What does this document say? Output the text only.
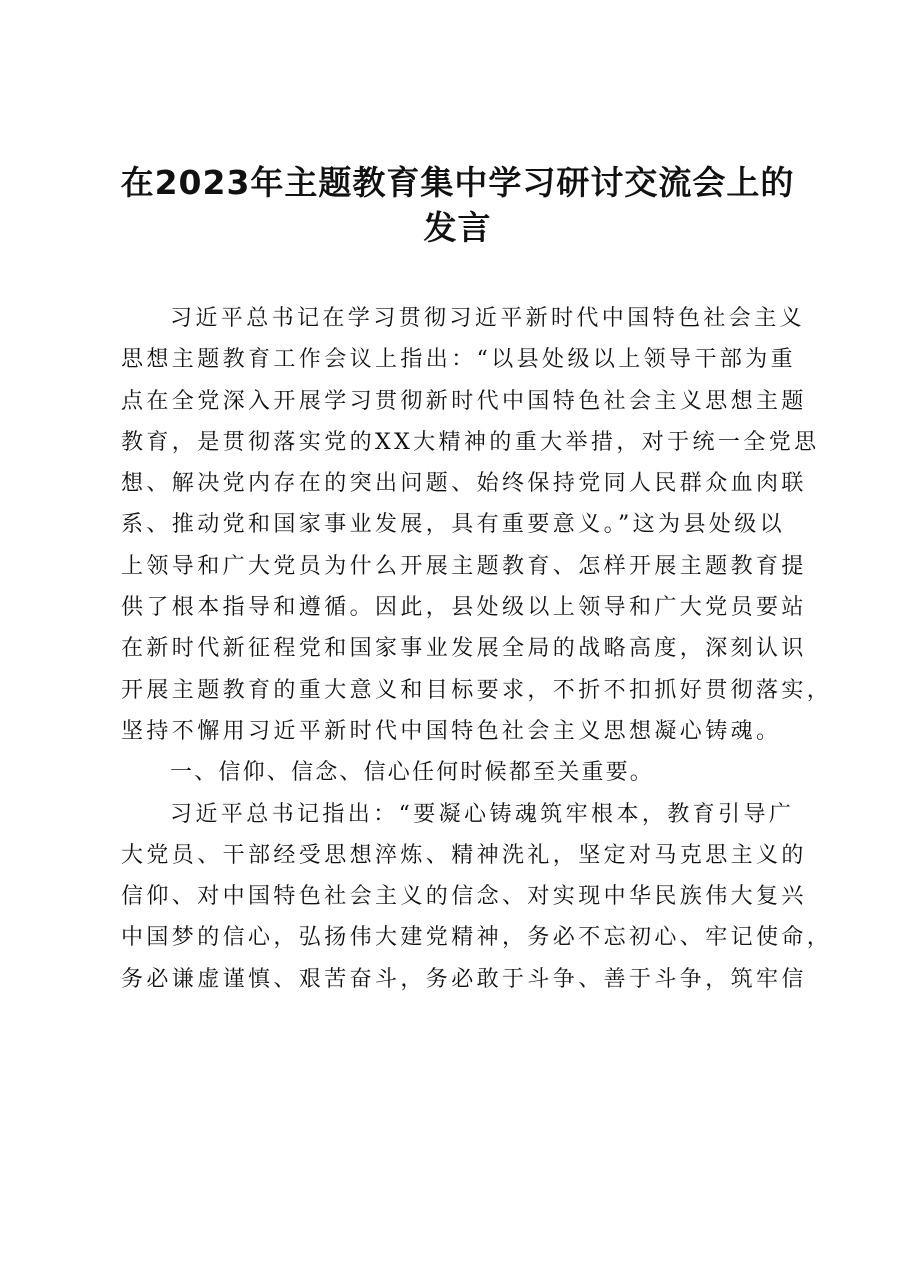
在2023年主题教育集中学习研讨交流会上的
发言
习近平总书记在学习贯彻习近平新时代中国特色社会主义
思想主题教育工作会议上指出：“以县处级以上领导干部为重
点在全党深入开展学习贯彻新时代中国特色社会主义思想主题
教育，是贯彻落实党的XX大精神的重大举措，对于统一全党思
想、解决党内存在的突出问题、始终保持党同人民群众血肉联
系、推动党和国家事业发展，具有重要意义。”这为县处级以
上领导和广大党员为什么开展主题教育、怎样开展主题教育提
供了根本指导和遵循。因此，县处级以上领导和广大党员要站
在新时代新征程党和国家事业发展全局的战略高度，深刻认识
开展主题教育的重大意义和目标要求，不折不扣抓好贯彻落实，
坚持不懈用习近平新时代中国特色社会主义思想凝心铸魂。
一、信仰、信念、信心任何时候都至关重要。
习近平总书记指出：“要凝心铸魂筑牢根本，教育引导广
大党员、干部经受思想淬炼、精神洗礼，坚定对马克思主义的
信仰、对中国特色社会主义的信念、对实现中华民族伟大复兴
中国梦的信心，弘扬伟大建党精神，务必不忘初心、牢记使命，
务必谦虚谨慎、艰苦奋斗，务必敢于斗争、善于斗争，筑牢信
